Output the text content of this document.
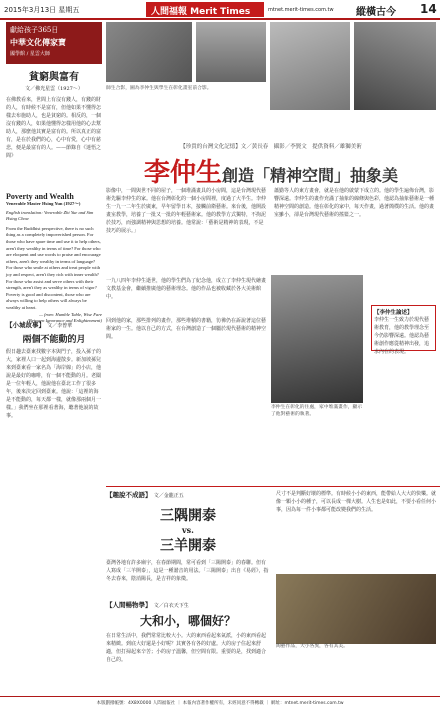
2015年3月13日 星期五	人間福報 Merit Times	mtnet.merit-times.com.tw 縱橫古今 14
獻給孩子365日
中華文化傳家寶
國學館 / 星雲大師
貧窮與富有
文／佛光星雲（1927～）

在佛教看來，世間上有沒有錢人，有錢的財的人，有時候不是富有，但他如果不懂得怎樣去布施助人，也是貧窮的。相反的，一個沒有錢的人，如果他懂得怎樣用他的心去幫助人，那麼他其實是富有的。所以真正的富有，是在於我們的心，心中有愛，心中有慈悲，便是最富有的人。——節錄自《迷悟之間》

Poverty and Wealth
Venerable Master Hsing Yun (1927～)
English translation: Venerable Zhi Yue and Sim Hsing Chow

From the Buddhist perspective, there is no such thing as a completely impoverished person. For those who have spare time and use it to help others, aren't they wealthy in terms of time? For those who are eloquent and use words to praise and encourage others, aren't they wealthy in terms of language? For those who smile at others and treat people with joy and respect, aren't they rich with inner wealth? For those who assist and serve others with their strength, aren't they as wealthy in terms of vigor? Poverty is good and discontent, those who are always willing to help others will always be wealthy at heart.

— from: Humble Table, Wise Fare
(Between Ignorance and Enlightenment)
【小城故事】 文／李曾華
兩個不能動的月

假日趣去臺東找數字本與門子，投入孫子的大，家裡人口一起到海邊散步。新加坡孫兒來到臺東看一家名為「海岸線」的小店，他說是最好的咖啡，有一個不能動的月。老闆是一位年輕人，他說他在臺北工作了很多年，後來決定回到臺東。他說：「這裡的海是不能動的，每天都一樣，就像那兩個月一樣。」我們坐在那裡看著海，聽著他說的故事。

師生合影，圖為李仲生與學生在彰化畫室前合影。
【珍貴的台灣文化記憶】文／黃長春　攝影／李賢文　提供資料／雄獅美術
李仲生創造「精神空間」抽象美

影像中，一間與世不同的屋子，一個堆滿畫具的小房間，這是台灣現代藝術先驅李仲生的家。他在台灣彰化的一個小房間裡，度過了大半生。李仲生一九一二年生於廣東，早年留學日本，接觸前衛藝術。來台後，他開設畫室教學，培養了一批又一批的年輕藝術家。他的教學方式獨特，不拘泥於技巧，而強調精神與思想的培養。他常說：「藝術是精神的表現，不是技巧的展示。」

蕭勤等人的東方畫會，就是在他的啟蒙下成立的。他的學生遍佈台灣，影響深遠。李仲生的畫作充滿了抽象的線條與色彩，他認為抽象藝術是一種精神空間的創造。他在彰化的家中，每天作畫，過著簡樸的生活。他的畫室雖小，卻是台灣現代藝術的搖籃之一。

一九八四年李仲生逝世，他的學生們為了紀念他，成立了李仲生現代繪畫文教基金會，繼續推廣他的藝術理念。他的作品也被收藏於各大美術館中。

回到他的家，那些排列的畫作，那些堆積的書籍，彷彿仍在訴說著這位藝術家的一生。他以自己的方式，在台灣創造了一個屬於現代藝術的精神空間。

李仲生在彰化的住處，家中堆滿畫作，顯示了他對藝術的執著。
【李仲生論述】

李仲生一生致力於現代藝術教育，他的教學理念至今仍影響深遠。他認為藝術創作應從精神出發，追求內在的表現。

【趣說不成語】 文／金龍正五
三隅開泰
vs.
三羊開泰

臺灣各地有許多廟宇，在春節期間，常可看到「三陽開泰」的春聯。但有人寫成「三羊開泰」，這是一種諧音的用法。「三陽開泰」出自《易經》，指冬去春來，陰消陽長，是吉祥的象徵。

【人間暢物學】 文／白衣天下生
大和小，哪個好？

在日常生活中，我們常常比較大小。大的東西看起來氣派，小的東西看起來精緻。到底大好還是小好呢？其實各有各的好處。大的房子住起來舒適，但打掃起來辛苦；小的房子溫馨，但空間有限。重要的是，找到適合自己的。

尺寸不是判斷好壞的標準。有時候小小的東西，能帶給人大大的快樂。就像一顆小小的種子，可以長成一棵大樹。人生也是如此，不要小看任何小事，因為每一件小事都可能改變我們的生活。

陶藝作品，大小各異，各有其美。
本版劃撥帳號：4X8X0000 人間福報社 ｜ 本報內容著作權所有，未經同意不得轉載 ｜ 網址：mtnet.merit-times.com.tw
